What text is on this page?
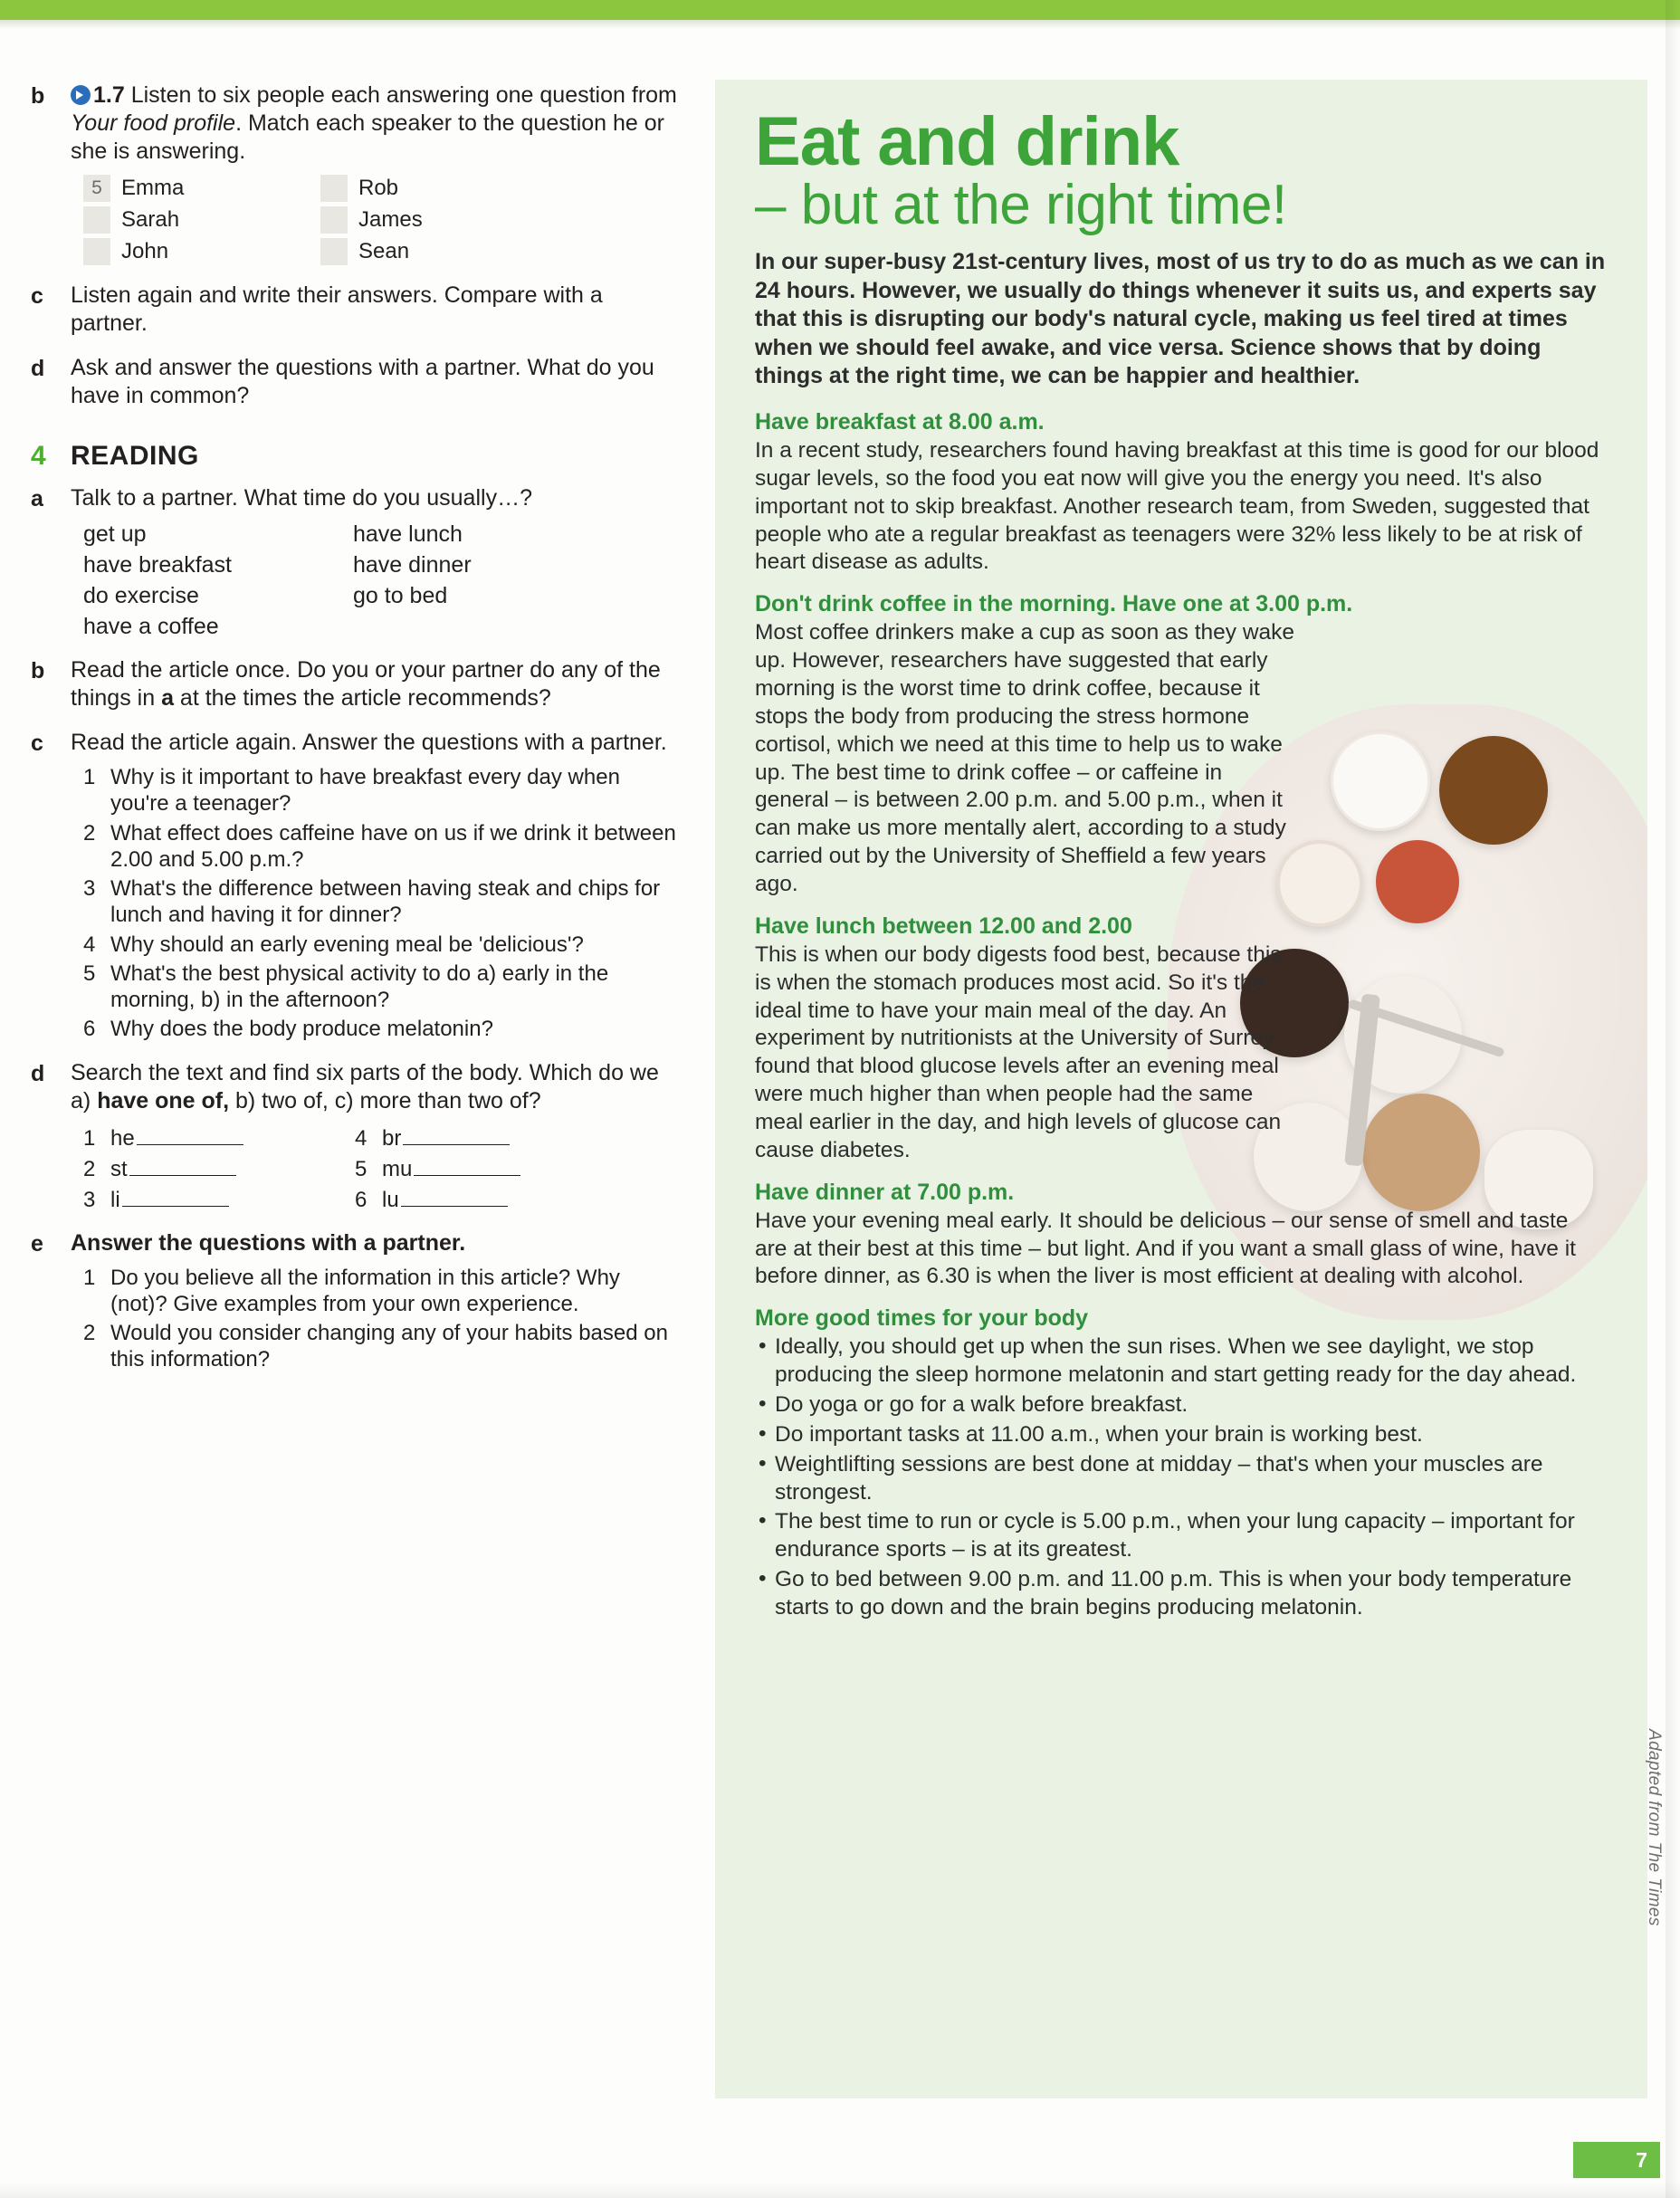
b	1.7 Listen to six people each answering one question from Your food profile. Match each speaker to the question he or she is answering.
5 Emma	Rob
Sarah	James
John	Sean
c	Listen again and write their answers. Compare with a partner.
d	Ask and answer the questions with a partner. What do you have in common?
4 READING
a	Talk to a partner. What time do you usually…?
get up	have lunch
have breakfast	have dinner
do exercise	go to bed
have a coffee
b	Read the article once. Do you or your partner do any of the things in a at the times the article recommends?
c	Read the article again. Answer the questions with a partner.
1 Why is it important to have breakfast every day when you're a teenager?
2 What effect does caffeine have on us if we drink it between 2.00 and 5.00 p.m.?
3 What's the difference between having steak and chips for lunch and having it for dinner?
4 Why should an early evening meal be 'delicious'?
5 What's the best physical activity to do a) early in the morning, b) in the afternoon?
6 Why does the body produce melatonin?
d	Search the text and find six parts of the body. Which do we a) have one of, b) two of, c) more than two of?
1 he	4 br
2 st	5 mu
3 li	6 lu
e	Answer the questions with a partner.
1 Do you believe all the information in this article? Why (not)? Give examples from your own experience.
2 Would you consider changing any of your habits based on this information?
Eat and drink
– but at the right time!
In our super-busy 21st-century lives, most of us try to do as much as we can in 24 hours. However, we usually do things whenever it suits us, and experts say that this is disrupting our body's natural cycle, making us feel tired at times when we should feel awake, and vice versa. Science shows that by doing things at the right time, we can be happier and healthier.
Have breakfast at 8.00 a.m.
In a recent study, researchers found having breakfast at this time is good for our blood sugar levels, so the food you eat now will give you the energy you need. It's also important not to skip breakfast. Another research team, from Sweden, suggested that people who ate a regular breakfast as teenagers were 32% less likely to be at risk of heart disease as adults.
Don't drink coffee in the morning. Have one at 3.00 p.m.
Most coffee drinkers make a cup as soon as they wake up. However, researchers have suggested that early morning is the worst time to drink coffee, because it stops the body from producing the stress hormone cortisol, which we need at this time to help us to wake up. The best time to drink coffee – or caffeine in general – is between 2.00 p.m. and 5.00 p.m., when it can make us more mentally alert, according to a study carried out by the University of Sheffield a few years ago.
Have lunch between 12.00 and 2.00
This is when our body digests food best, because this is when the stomach produces most acid. So it's the ideal time to have your main meal of the day. An experiment by nutritionists at the University of Surrey found that blood glucose levels after an evening meal were much higher than when people had the same meal earlier in the day, and high levels of glucose can cause diabetes.
Have dinner at 7.00 p.m.
Have your evening meal early. It should be delicious – our sense of smell and taste are at their best at this time – but light. And if you want a small glass of wine, have it before dinner, as 6.30 is when the liver is most efficient at dealing with alcohol.
More good times for your body
• Ideally, you should get up when the sun rises. When we see daylight, we stop producing the sleep hormone melatonin and start getting ready for the day ahead.
• Do yoga or go for a walk before breakfast.
• Do important tasks at 11.00 a.m., when your brain is working best.
• Weightlifting sessions are best done at midday – that's when your muscles are strongest.
• The best time to run or cycle is 5.00 p.m., when your lung capacity – important for endurance sports – is at its greatest.
• Go to bed between 9.00 p.m. and 11.00 p.m. This is when your body temperature starts to go down and the brain begins producing melatonin.
Adapted from The Times
7
